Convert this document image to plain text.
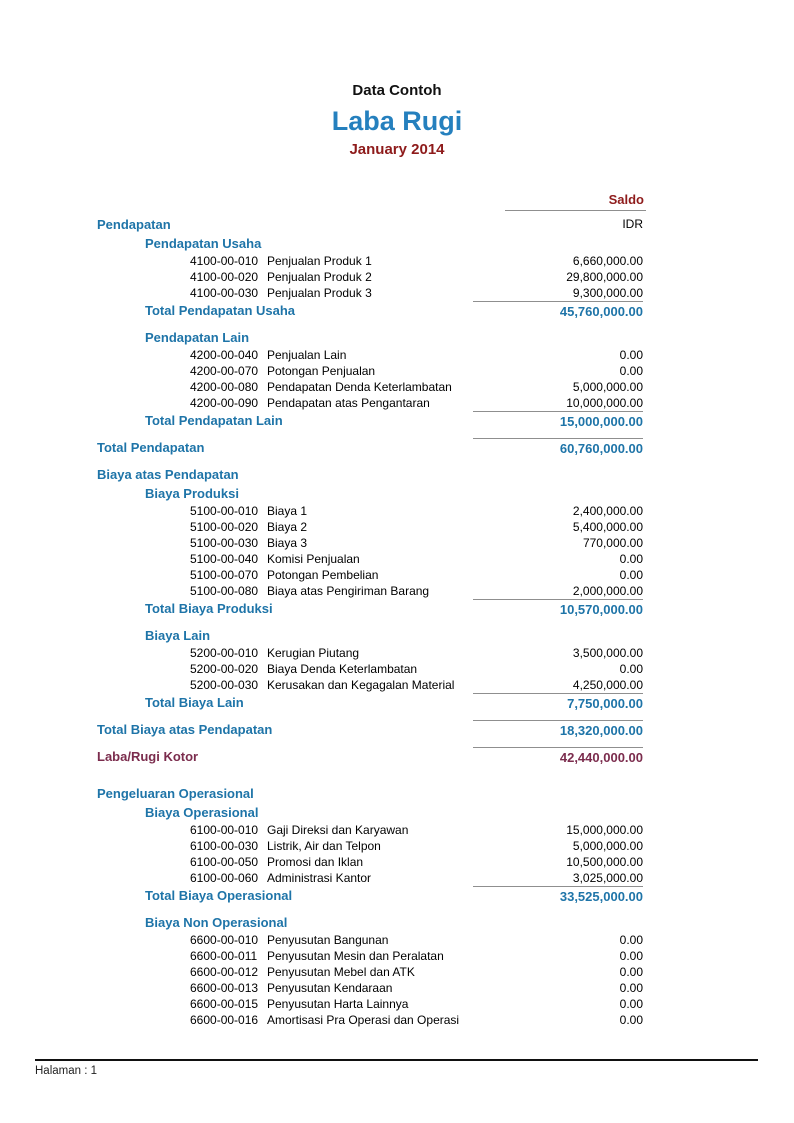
Data Contoh
Laba Rugi
January 2014
Saldo
IDR
Pendapatan
Pendapatan Usaha
4100-00-010 Penjualan Produk 1	6,660,000.00
4100-00-020 Penjualan Produk 2	29,800,000.00
4100-00-030 Penjualan Produk 3	9,300,000.00
Total Pendapatan Usaha	45,760,000.00
Pendapatan Lain
4200-00-040 Penjualan Lain	0.00
4200-00-070 Potongan Penjualan	0.00
4200-00-080 Pendapatan Denda Keterlambatan	5,000,000.00
4200-00-090 Pendapatan atas Pengantaran	10,000,000.00
Total Pendapatan Lain	15,000,000.00
Total Pendapatan	60,760,000.00
Biaya atas Pendapatan
Biaya Produksi
5100-00-010 Biaya 1	2,400,000.00
5100-00-020 Biaya 2	5,400,000.00
5100-00-030 Biaya 3	770,000.00
5100-00-040 Komisi Penjualan	0.00
5100-00-070 Potongan Pembelian	0.00
5100-00-080 Biaya atas Pengiriman Barang	2,000,000.00
Total Biaya Produksi	10,570,000.00
Biaya Lain
5200-00-010 Kerugian Piutang	3,500,000.00
5200-00-020 Biaya Denda Keterlambatan	0.00
5200-00-030 Kerusakan dan Kegagalan Material	4,250,000.00
Total Biaya Lain	7,750,000.00
Total Biaya atas Pendapatan	18,320,000.00
Laba/Rugi Kotor	42,440,000.00
Pengeluaran Operasional
Biaya Operasional
6100-00-010 Gaji Direksi dan Karyawan	15,000,000.00
6100-00-030 Listrik, Air dan Telpon	5,000,000.00
6100-00-050 Promosi dan Iklan	10,500,000.00
6100-00-060 Administrasi Kantor	3,025,000.00
Total Biaya Operasional	33,525,000.00
Biaya Non Operasional
6600-00-010 Penyusutan Bangunan	0.00
6600-00-011 Penyusutan Mesin dan Peralatan	0.00
6600-00-012 Penyusutan Mebel dan ATK	0.00
6600-00-013 Penyusutan Kendaraan	0.00
6600-00-015 Penyusutan Harta Lainnya	0.00
6600-00-016 Amortisasi Pra Operasi dan Operasi	0.00
Halaman : 1
